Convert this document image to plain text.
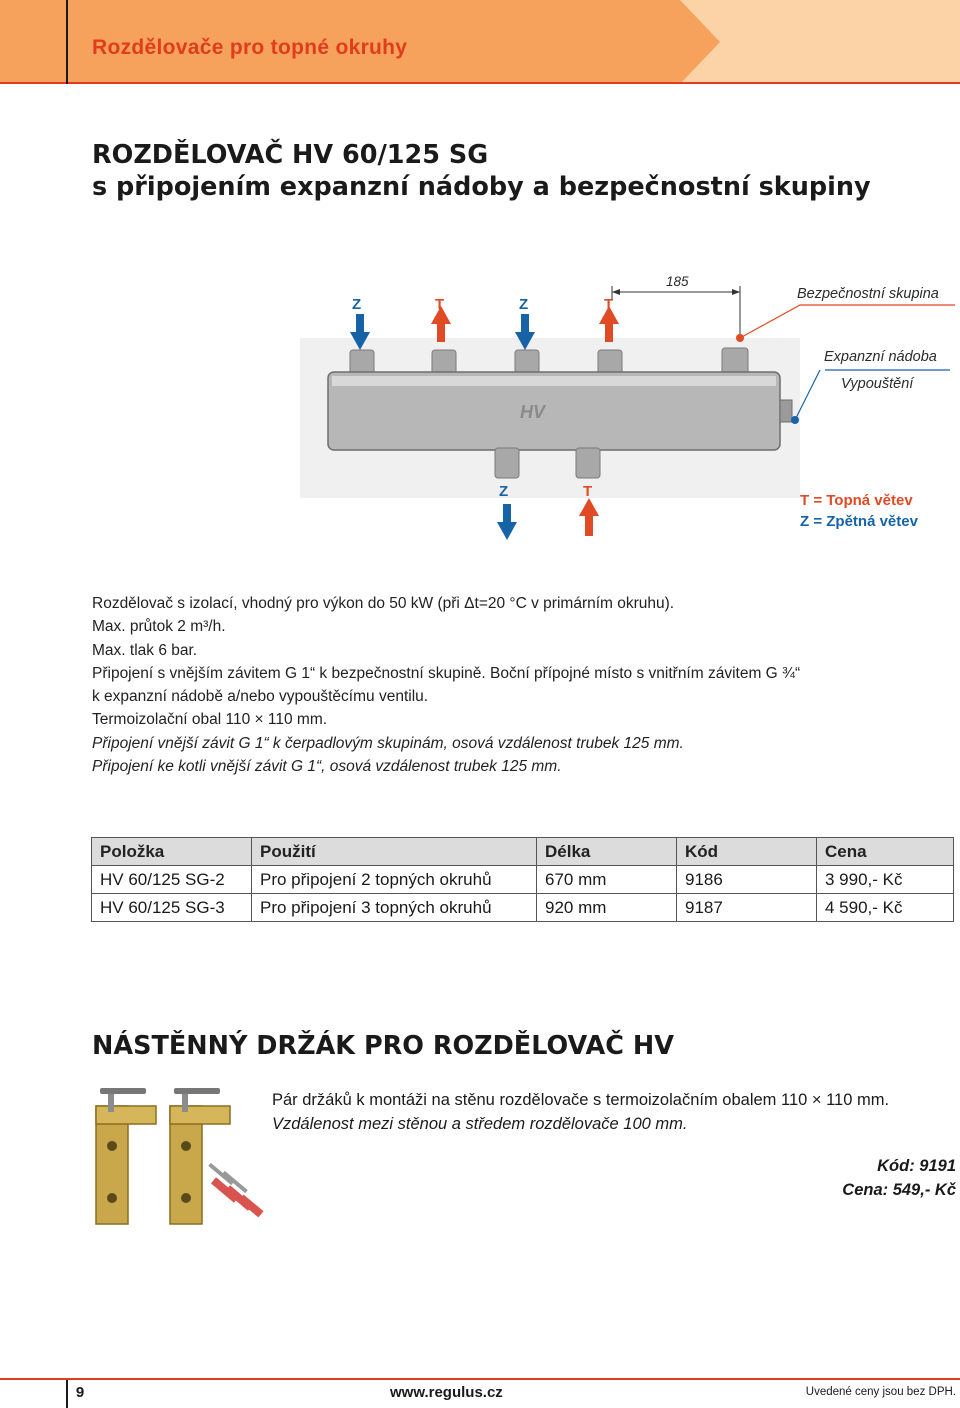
Rozdělovače pro topné okruhy
ROZDĚLOVAČ HV 60/125 SG
s připojením expanzní nádoby a bezpečnostní skupiny
HV
Z	T	Z	T
Z	T
185
Bezpečnostní skupina
Expanzní nádoba
Vypouštění

T = Topná větev

Z = Zpětná větev

Rozdělovač s izolací, vhodný pro výkon do 50 kW (při Δt=20 °C v primárním okruhu).

Max. průtok 2 m³/h.

Max. tlak 6 bar.

Připojení s vnějším závitem G 1“ k bezpečnostní skupině. Boční přípojné místo s vnitřním závitem G ¾“

k expanzní nádobě a/nebo vypouštěcímu ventilu.

Termoizolační obal 110 × 110 mm.

Připojení vnější závit G 1“ k čerpadlovým skupinám, osová vzdálenost trubek 125 mm.

Připojení ke kotli vnější závit G 1“, osová vzdálenost trubek 125 mm.

Položka	Použití	Délka	Kód	Cena
HV 60/125 SG-2	Pro připojení 2 topných okruhů	670 mm	9186	3 990,- Kč
HV 60/125 SG-3	Pro připojení 3 topných okruhů	920 mm	9187	4 590,- Kč
NÁSTĚNNÝ DRŽÁK PRO ROZDĚLOVAČ HV

Pár držáků k montáži na stěnu rozdělovače s termoizolačním obalem 110 × 110 mm.

Vzdálenost mezi stěnou a středem rozdělovače 100 mm.

Kód: 9191

Cena: 549,- Kč

9	www.regulus.cz	Uvedené ceny jsou bez DPH.
